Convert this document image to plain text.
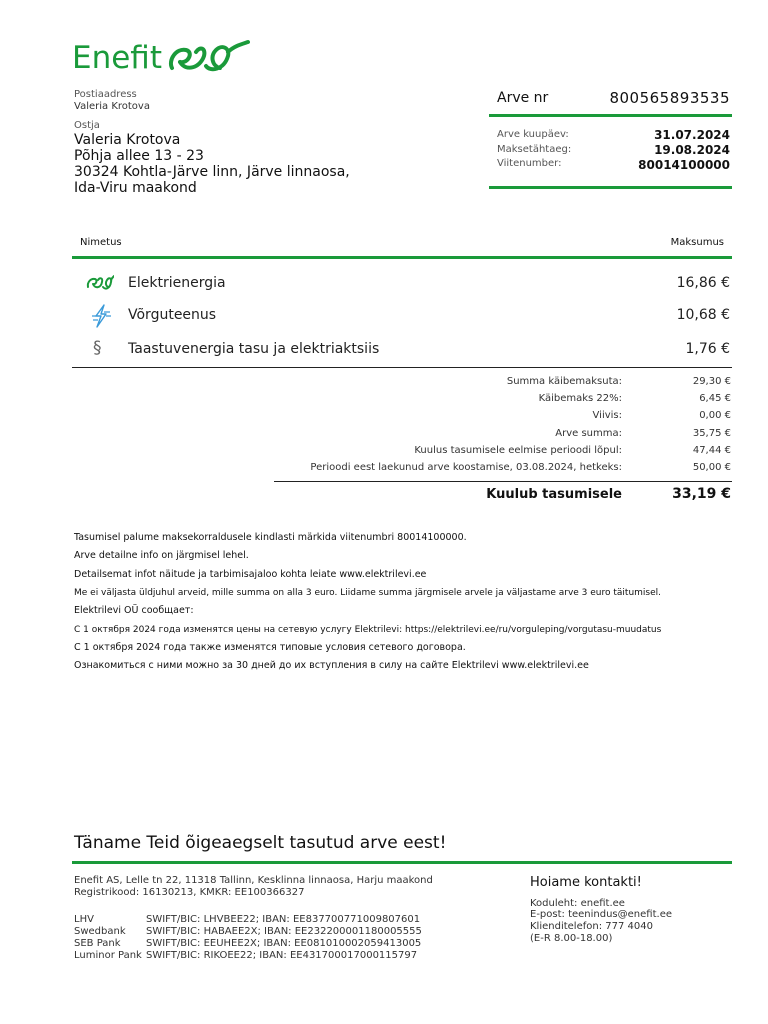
Enefit
Postiaadress
Valeria Krotova
Ostja
Valeria Krotova
Põhja allee 13 - 23
30324 Kohtla-Järve linn, Järve linnaosa,
Ida-Viru maakond
Arve nr	800565893535
Arve kuupäev:	31.07.2024
Maksetähtaeg:	19.08.2024
Viitenumber:	80014100000
Nimetus	Maksumus
Elektrienergia	16,86 €
Võrguteenus	10,68 €
§ Taastuvenergia tasu ja elektriaktsiis	1,76 €
Summa käibemaksuta:	29,30 €
Käibemaks 22%:	6,45 €
Viivis:	0,00 €
Arve summa:	35,75 €
Kuulus tasumisele eelmise perioodi lõpul:	47,44 €
Perioodi eest laekunud arve koostamise, 03.08.2024, hetkeks:	50,00 €
Kuulub tasumisele	33,19 €
Tasumisel palume maksekorraldusele kindlasti märkida viitenumbri 80014100000.
Arve detailne info on järgmisel lehel.
Detailsemat infot näitude ja tarbimisajaloo kohta leiate www.elektrilevi.ee
Me ei väljasta üldjuhul arveid, mille summa on alla 3 euro. Liidame summa järgmisele arvele ja väljastame arve 3 euro täitumisel.
Elektrilevi OÜ сообщает:
С 1 октября 2024 года изменятся цены на сетевую услугу Elektrilevi: https://elektrilevi.ee/ru/vorguleping/vorgutasu-muudatus
С 1 октября 2024 года также изменятся типовые условия сетевого договора.
Ознакомиться с ними можно за 30 дней до их вступления в силу на сайте Elektrilevi www.elektrilevi.ee
Täname Teid õigeaegselt tasutud arve eest!
Enefit AS, Lelle tn 22, 11318 Tallinn, Kesklinna linnaosa, Harju maakond
Registrikood: 16130213, KMKR: EE100366327
LHV	SWIFT/BIC: LHVBEE22; IBAN: EE837700771009807601
Swedbank SWIFT/BIC: HABAEE2X; IBAN: EE232200001180005555
SEB Pank	SWIFT/BIC: EEUHEE2X; IBAN: EE081010002059413005
Luminor Pank SWIFT/BIC: RIKOEE22; IBAN: EE431700017000115797
Hoiame kontakti!
Koduleht: enefit.ee
E-post: teenindus@enefit.ee
Klienditelefon: 777 4040
(E-R 8.00-18.00)
